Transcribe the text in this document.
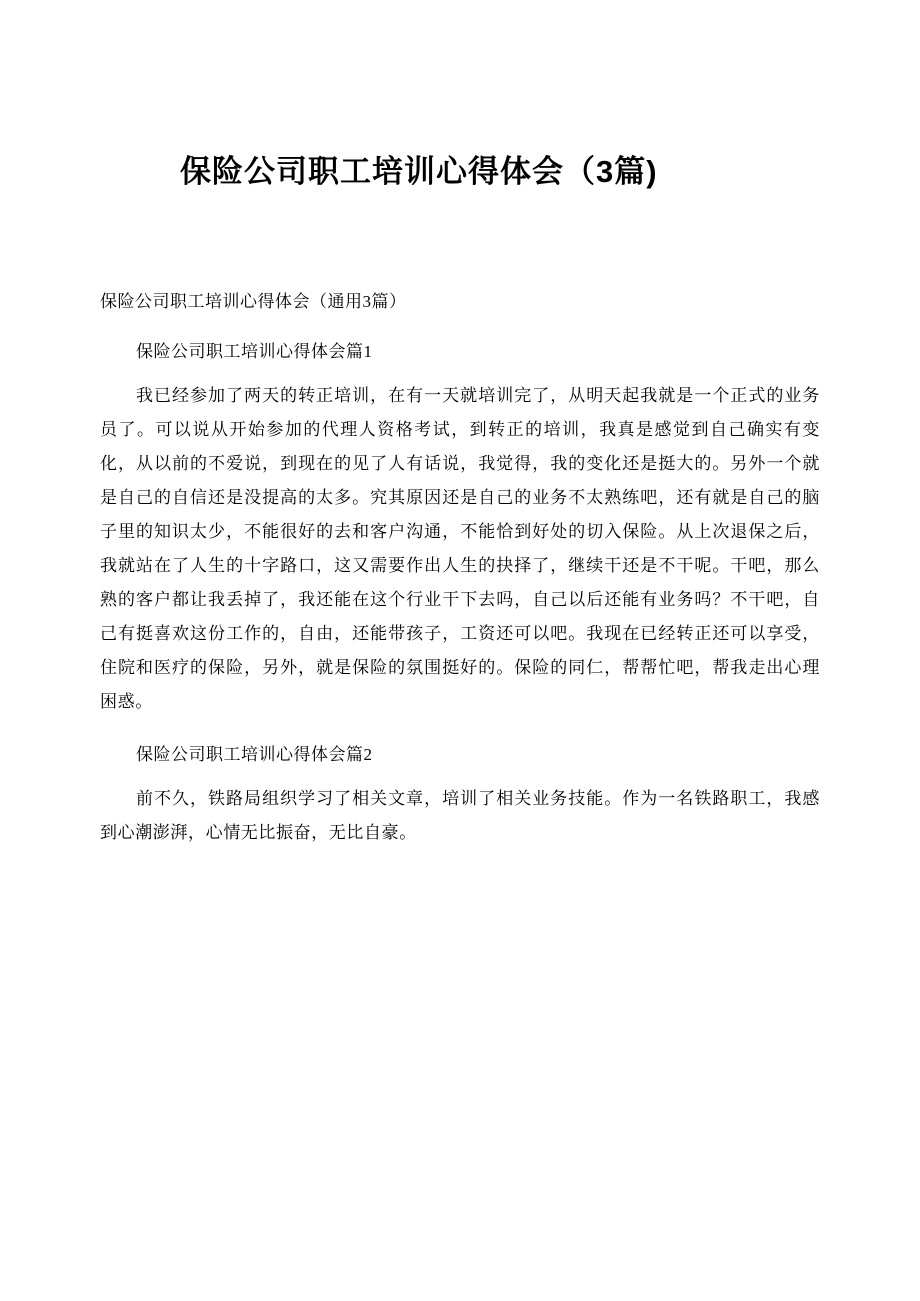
保险公司职工培训心得体会（3篇)

保险公司职工培训心得体会（通用3篇）

保险公司职工培训心得体会篇1

我已经参加了两天的转正培训，在有一天就培训完了，从明天起我就是一个正式的业务员了。可以说从开始参加的代理人资格考试，到转正的培训，我真是感觉到自己确实有变化，从以前的不爱说，到现在的见了人有话说，我觉得，我的变化还是挺大的。另外一个就是自己的自信还是没提高的太多。究其原因还是自己的业务不太熟练吧，还有就是自己的脑子里的知识太少，不能很好的去和客户沟通，不能恰到好处的切入保险。从上次退保之后，我就站在了人生的十字路口，这又需要作出人生的抉择了，继续干还是不干呢。干吧，那么熟的客户都让我丢掉了，我还能在这个行业干下去吗，自己以后还能有业务吗？不干吧，自己有挺喜欢这份工作的，自由，还能带孩子，工资还可以吧。我现在已经转正还可以享受，住院和医疗的保险，另外，就是保险的氛围挺好的。保险的同仁，帮帮忙吧，帮我走出心理困惑。

保险公司职工培训心得体会篇2

前不久，铁路局组织学习了相关文章，培训了相关业务技能。作为一名铁路职工，我感到心潮澎湃，心情无比振奋，无比自豪。
